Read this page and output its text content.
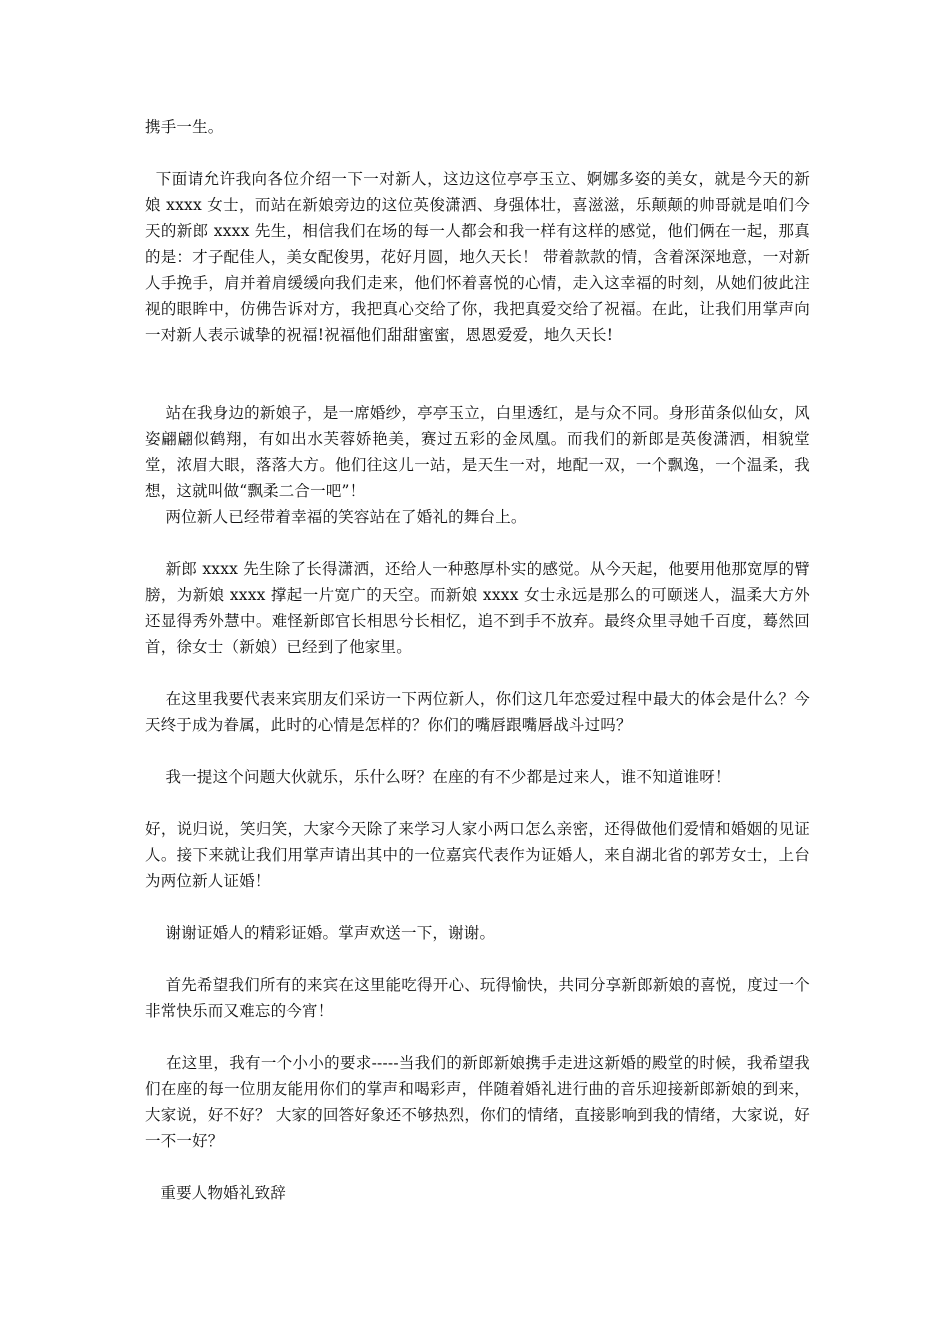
携手一生。

下面请允许我向各位介绍一下一对新人，这边这位亭亭玉立、婀娜多姿的美女，就是今天的新娘 xxxx 女士，而站在新娘旁边的这位英俊潇洒、身强体壮，喜滋滋，乐颠颠的帅哥就是咱们今天的新郎 xxxx 先生，相信我们在场的每一人都会和我一样有这样的感觉，他们俩在一起，那真的是：才子配佳人，美女配俊男，花好月圆，地久天长！ 带着款款的情，含着深深地意，一对新人手挽手，肩并着肩缓缓向我们走来，他们怀着喜悦的心情，走入这幸福的时刻，从她们彼此注视的眼眸中，仿佛告诉对方，我把真心交给了你，我把真爱交给了祝福。在此，让我们用掌声向一对新人表示诚挚的祝福!祝福他们甜甜蜜蜜，恩恩爱爱，地久天长!

站在我身边的新娘子，是一席婚纱，亭亭玉立，白里透红，是与众不同。身形苗条似仙女，风姿翩翩似鹤翔，有如出水芙蓉娇艳美，赛过五彩的金凤凰。而我们的新郎是英俊潇洒，相貌堂堂，浓眉大眼，落落大方。他们往这儿一站，是天生一对，地配一双，一个飘逸，一个温柔，我想，这就叫做“飘柔二合一吧”！

两位新人已经带着幸福的笑容站在了婚礼的舞台上。

新郎 xxxx 先生除了长得潇洒，还给人一种憨厚朴实的感觉。从今天起，他要用他那宽厚的臂膀，为新娘 xxxx 撑起一片宽广的天空。而新娘 xxxx 女士永远是那么的可颐迷人，温柔大方外还显得秀外慧中。难怪新郎官长相思兮长相忆，追不到手不放弃。最终众里寻她千百度，蓦然回首，徐女士（新娘）已经到了他家里。

在这里我要代表来宾朋友们采访一下两位新人，你们这几年恋爱过程中最大的体会是什么？今天终于成为眷属，此时的心情是怎样的？你们的嘴唇跟嘴唇战斗过吗？

我一提这个问题大伙就乐，乐什么呀？在座的有不少都是过来人，谁不知道谁呀！

好，说归说，笑归笑，大家今天除了来学习人家小两口怎么亲密，还得做他们爱情和婚姻的见证人。接下来就让我们用掌声请出其中的一位嘉宾代表作为证婚人，来自湖北省的郭芳女士，上台为两位新人证婚！

谢谢证婚人的精彩证婚。掌声欢送一下，谢谢。

首先希望我们所有的来宾在这里能吃得开心、玩得愉快，共同分享新郎新娘的喜悦，度过一个非常快乐而又难忘的今宵！

在这里，我有一个小小的要求-----当我们的新郎新娘携手走进这新婚的殿堂的时候，我希望我们在座的每一位朋友能用你们的掌声和喝彩声，伴随着婚礼进行曲的音乐迎接新郎新娘的到来，大家说，好不好？ 大家的回答好象还不够热烈，你们的情绪，直接影响到我的情绪，大家说，好一不一好？

重要人物婚礼致辞
